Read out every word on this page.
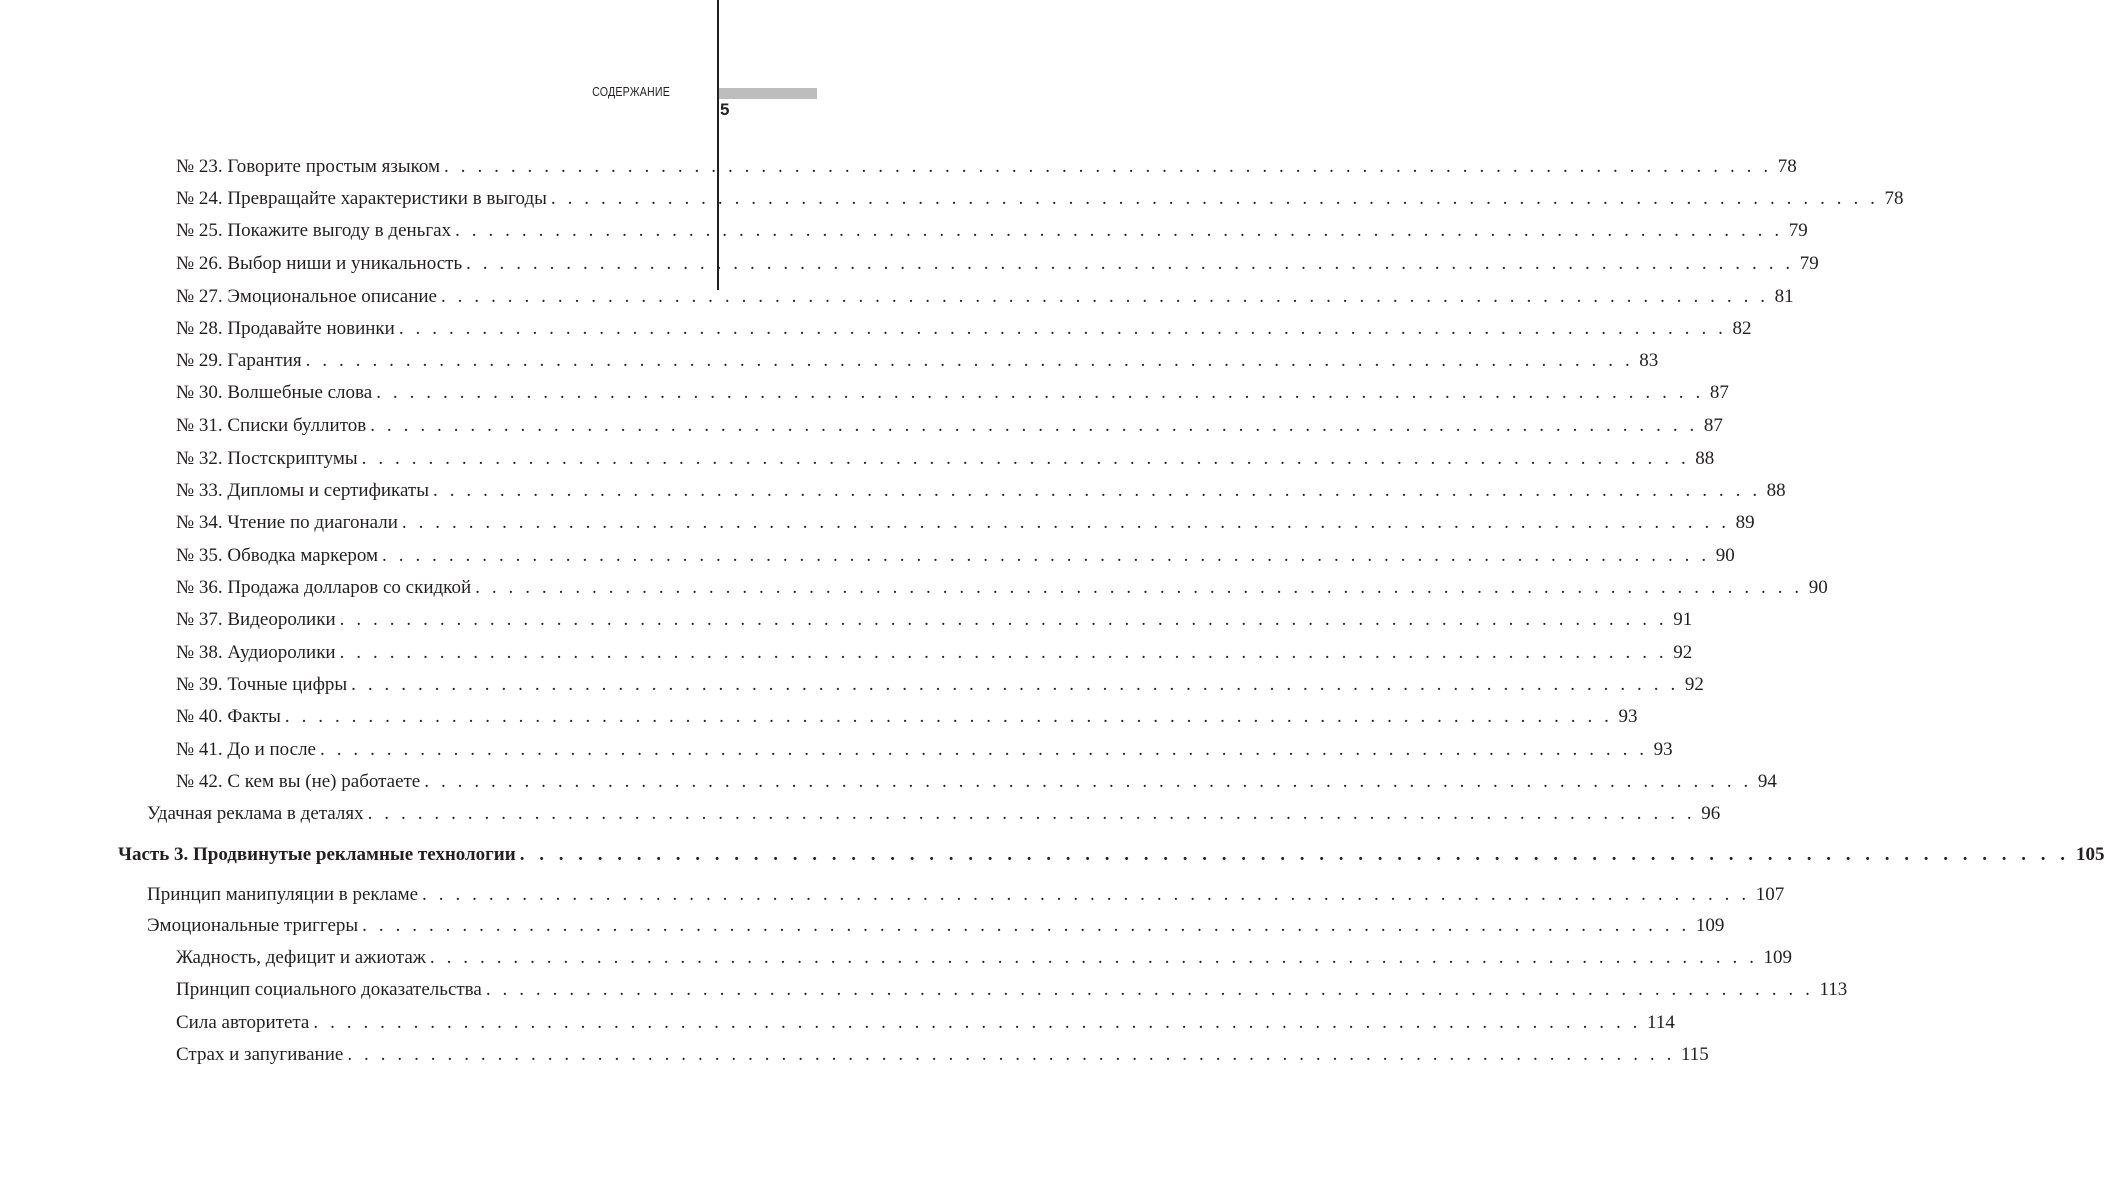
СОДЕРЖАНИЕ
5
№ 23. Говорите простым языком . . . . . . . . . . . . . . . . . . . . . . . . . . . . . . . . . . . . . . . . . . . . . . . . . . . . . . . . . . . . . . . . . . . . . . . . . . . . . . . . 78
№ 24. Превращайте характеристики в выгоды . . . . . . . . . . . . . . . . . . . . . . . . . . . . . . . . . . . . . . . . . . . . . . . . . . . . . . . . . . . . . . . . . . . . . . . . . . . . . . . . 78
№ 25. Покажите выгоду в деньгах . . . . . . . . . . . . . . . . . . . . . . . . . . . . . . . . . . . . . . . . . . . . . . . . . . . . . . . . . . . . . . . . . . . . . . . . . . . . . . . . 79
№ 26. Выбор ниши и уникальность . . . . . . . . . . . . . . . . . . . . . . . . . . . . . . . . . . . . . . . . . . . . . . . . . . . . . . . . . . . . . . . . . . . . . . . . . . . . . . . . 79
№ 27. Эмоциональное описание . . . . . . . . . . . . . . . . . . . . . . . . . . . . . . . . . . . . . . . . . . . . . . . . . . . . . . . . . . . . . . . . . . . . . . . . . . . . . . . . 81
№ 28. Продавайте новинки . . . . . . . . . . . . . . . . . . . . . . . . . . . . . . . . . . . . . . . . . . . . . . . . . . . . . . . . . . . . . . . . . . . . . . . . . . . . . . . . 82
№ 29. Гарантия . . . . . . . . . . . . . . . . . . . . . . . . . . . . . . . . . . . . . . . . . . . . . . . . . . . . . . . . . . . . . . . . . . . . . . . . . . . . . . . . 83
№ 30. Волшебные слова . . . . . . . . . . . . . . . . . . . . . . . . . . . . . . . . . . . . . . . . . . . . . . . . . . . . . . . . . . . . . . . . . . . . . . . . . . . . . . . . 87
№ 31. Списки буллитов . . . . . . . . . . . . . . . . . . . . . . . . . . . . . . . . . . . . . . . . . . . . . . . . . . . . . . . . . . . . . . . . . . . . . . . . . . . . . . . . 87
№ 32. Постскриптумы . . . . . . . . . . . . . . . . . . . . . . . . . . . . . . . . . . . . . . . . . . . . . . . . . . . . . . . . . . . . . . . . . . . . . . . . . . . . . . . . 88
№ 33. Дипломы и сертификаты . . . . . . . . . . . . . . . . . . . . . . . . . . . . . . . . . . . . . . . . . . . . . . . . . . . . . . . . . . . . . . . . . . . . . . . . . . . . . . . . 88
№ 34. Чтение по диагонали . . . . . . . . . . . . . . . . . . . . . . . . . . . . . . . . . . . . . . . . . . . . . . . . . . . . . . . . . . . . . . . . . . . . . . . . . . . . . . . . 89
№ 35. Обводка маркером . . . . . . . . . . . . . . . . . . . . . . . . . . . . . . . . . . . . . . . . . . . . . . . . . . . . . . . . . . . . . . . . . . . . . . . . . . . . . . . . 90
№ 36. Продажа долларов со скидкой . . . . . . . . . . . . . . . . . . . . . . . . . . . . . . . . . . . . . . . . . . . . . . . . . . . . . . . . . . . . . . . . . . . . . . . . . . . . . . . . 90
№ 37. Видеоролики . . . . . . . . . . . . . . . . . . . . . . . . . . . . . . . . . . . . . . . . . . . . . . . . . . . . . . . . . . . . . . . . . . . . . . . . . . . . . . . . 91
№ 38. Аудиоролики . . . . . . . . . . . . . . . . . . . . . . . . . . . . . . . . . . . . . . . . . . . . . . . . . . . . . . . . . . . . . . . . . . . . . . . . . . . . . . . . 92
№ 39. Точные цифры . . . . . . . . . . . . . . . . . . . . . . . . . . . . . . . . . . . . . . . . . . . . . . . . . . . . . . . . . . . . . . . . . . . . . . . . . . . . . . . . 92
№ 40. Факты . . . . . . . . . . . . . . . . . . . . . . . . . . . . . . . . . . . . . . . . . . . . . . . . . . . . . . . . . . . . . . . . . . . . . . . . . . . . . . . . 93
№ 41. До и после . . . . . . . . . . . . . . . . . . . . . . . . . . . . . . . . . . . . . . . . . . . . . . . . . . . . . . . . . . . . . . . . . . . . . . . . . . . . . . . . 93
№ 42. С кем вы (не) работаете . . . . . . . . . . . . . . . . . . . . . . . . . . . . . . . . . . . . . . . . . . . . . . . . . . . . . . . . . . . . . . . . . . . . . . . . . . . . . . . . 94
Удачная реклама в деталях . . . . . . . . . . . . . . . . . . . . . . . . . . . . . . . . . . . . . . . . . . . . . . . . . . . . . . . . . . . . . . . . . . . . . . . . . . . . . . . . 96
Часть 3. Продвинутые рекламные технологии . . . . . . . . . . . . . . . . . . . . . . . . . . . . . . . . . . . . . . . . . . . . . . . . . . . . . . . . . . . . . . . . . . . . . . . . . . . . . . . . 105
Принцип манипуляции в рекламе . . . . . . . . . . . . . . . . . . . . . . . . . . . . . . . . . . . . . . . . . . . . . . . . . . . . . . . . . . . . . . . . . . . . . . . . . . . . . . . . 107
Эмоциональные триггеры . . . . . . . . . . . . . . . . . . . . . . . . . . . . . . . . . . . . . . . . . . . . . . . . . . . . . . . . . . . . . . . . . . . . . . . . . . . . . . . . 109
Жадность, дефицит и ажиотаж . . . . . . . . . . . . . . . . . . . . . . . . . . . . . . . . . . . . . . . . . . . . . . . . . . . . . . . . . . . . . . . . . . . . . . . . . . . . . . . . 109
Принцип социального доказательства . . . . . . . . . . . . . . . . . . . . . . . . . . . . . . . . . . . . . . . . . . . . . . . . . . . . . . . . . . . . . . . . . . . . . . . . . . . . . . . . 113
Сила авторитета . . . . . . . . . . . . . . . . . . . . . . . . . . . . . . . . . . . . . . . . . . . . . . . . . . . . . . . . . . . . . . . . . . . . . . . . . . . . . . . . 114
Страх и запугивание . . . . . . . . . . . . . . . . . . . . . . . . . . . . . . . . . . . . . . . . . . . . . . . . . . . . . . . . . . . . . . . . . . . . . . . . . . . . . . . . 115
